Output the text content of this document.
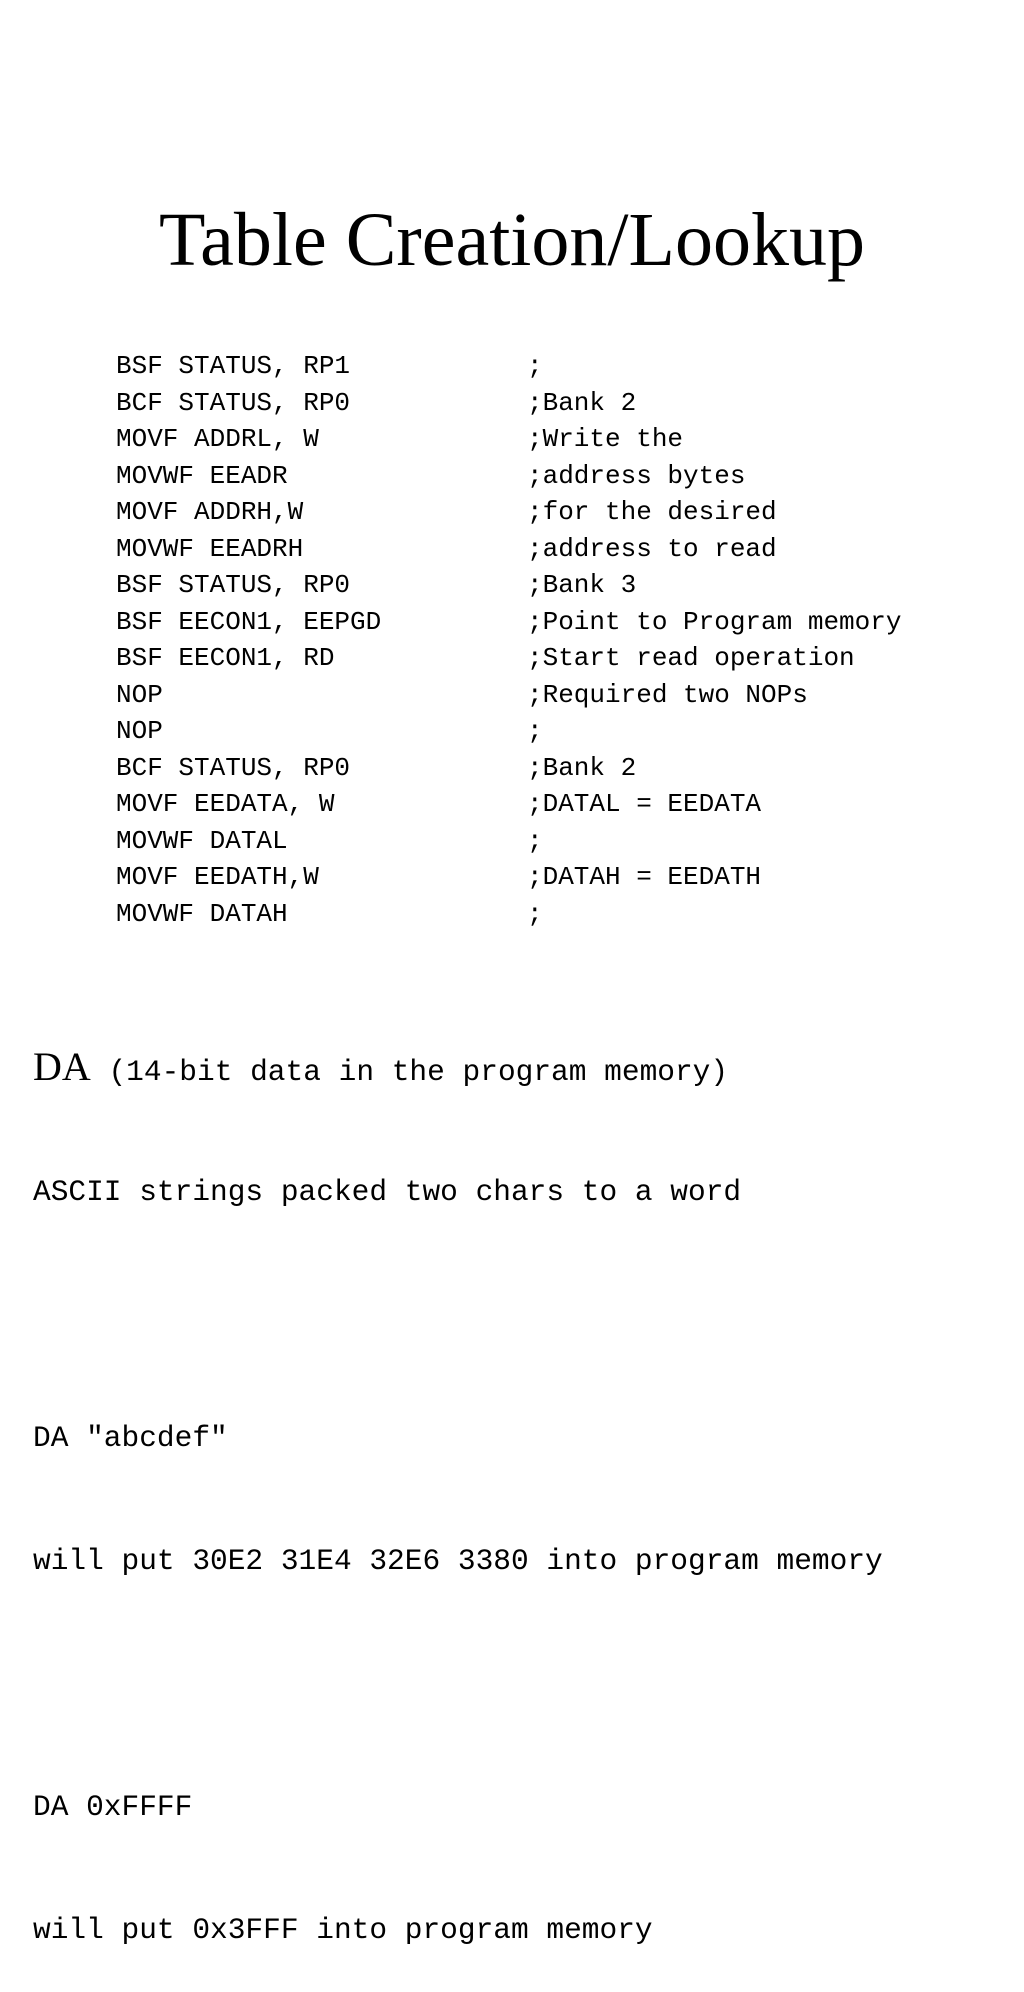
Table Creation/Lookup
BSF STATUS, RP1	;
BCF STATUS, RP0	;Bank 2
MOVF ADDRL, W	;Write the
MOVWF EEADR	;address bytes
MOVF ADDRH,W	;for the desired
MOVWF EEADRH	;address to read
BSF STATUS, RP0	;Bank 3
BSF EECON1, EEPGD	;Point to Program memory
BSF EECON1, RD	;Start read operation
NOP	;Required two NOPs
NOP	;
BCF STATUS, RP0	;Bank 2
MOVF EEDATA, W	;DATAL = EEDATA
MOVWF DATAL	;
MOVF EEDATH,W	;DATAH = EEDATH
MOVWF DATAH	;

DA (14-bit data in the program memory)

ASCII strings packed two chars to a word

DA "abcdef"

will put 30E2 31E4 32E6 3380 into program memory

DA 0xFFFF

will put 0x3FFF into program memory
